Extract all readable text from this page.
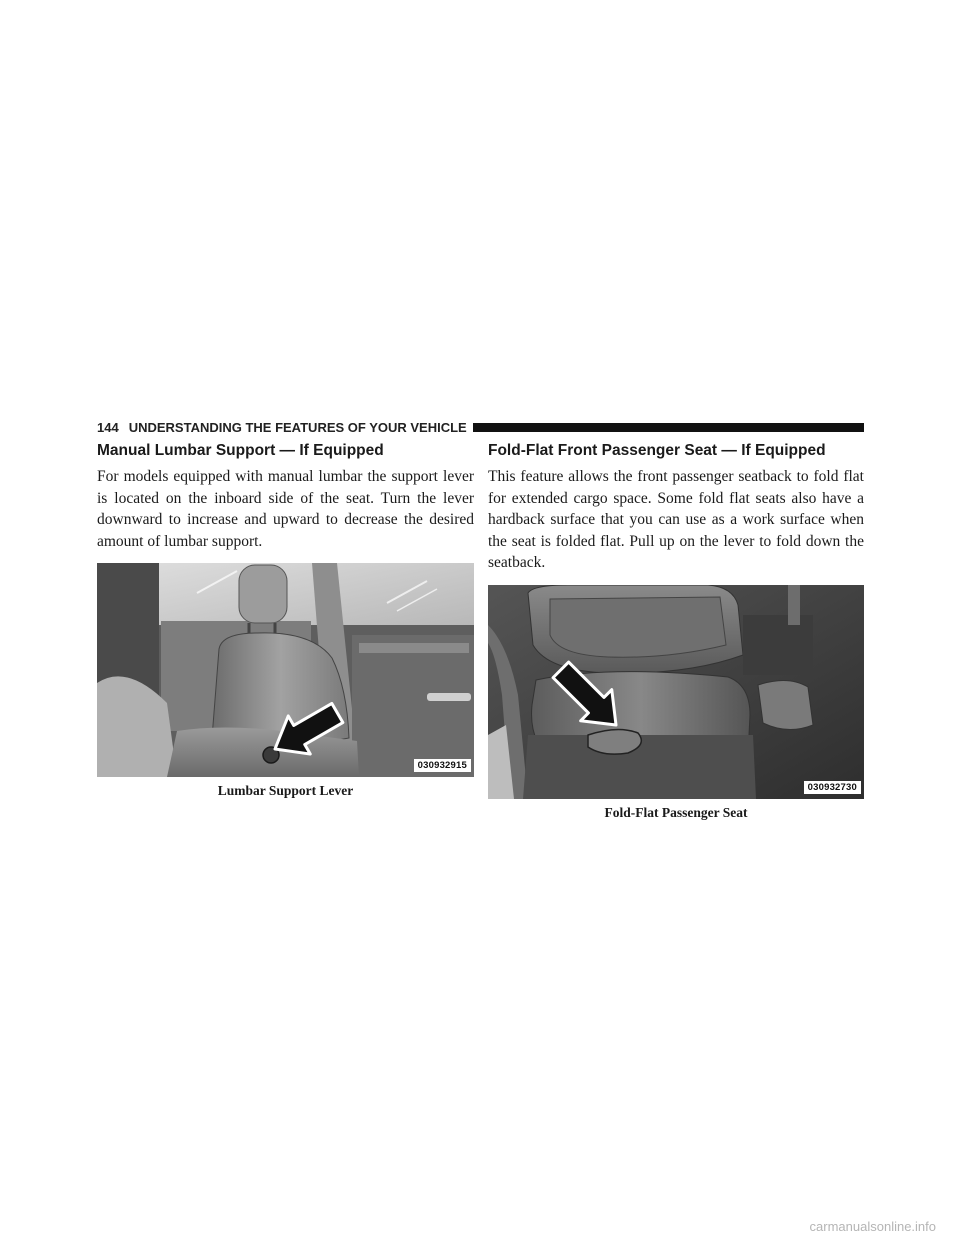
144 UNDERSTANDING THE FEATURES OF YOUR VEHICLE
Manual Lumbar Support — If Equipped

For models equipped with manual lumbar the support lever is located on the inboard side of the seat. Turn the lever downward to increase and upward to decrease the desired amount of lumbar support.

030932915
Lumbar Support Lever
Fold-Flat Front Passenger Seat — If Equipped

This feature allows the front passenger seatback to fold flat for extended cargo space. Some fold flat seats also have a hardback surface that you can use as a work surface when the seat is folded flat. Pull up on the lever to fold down the seatback.

030932730
Fold-Flat Passenger Seat
carmanualsonline.info
